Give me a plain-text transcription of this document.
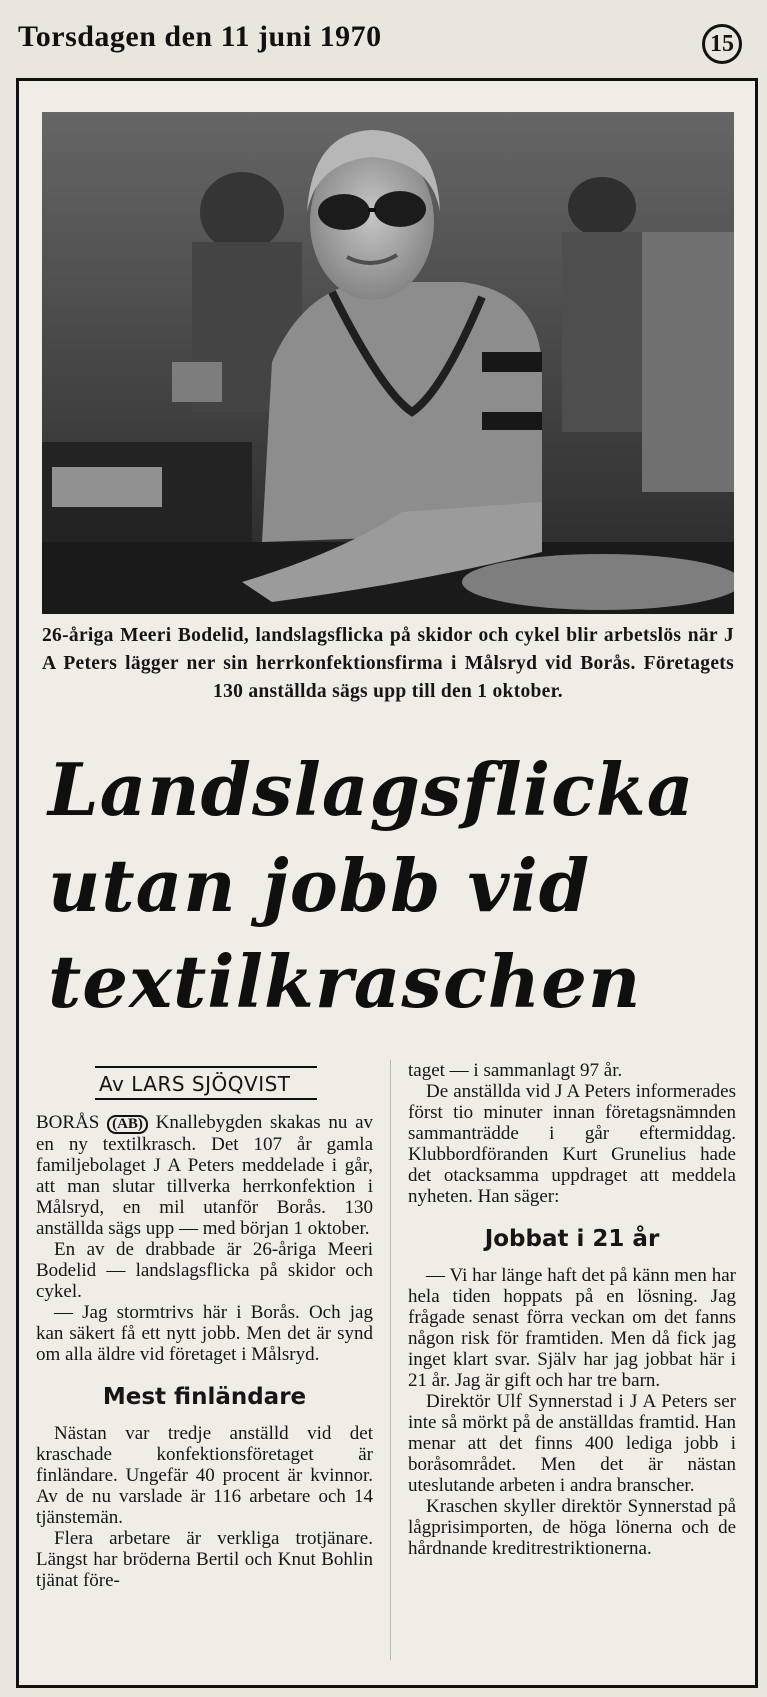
Torsdagen den 11 juni 1970	15
26-åriga Meeri Bodelid, landslagsflicka på skidor och cykel blir arbetslös när J A Peters lägger ner sin herrkonfektionsfirma i Målsryd vid Borås. Företagets 130 anställda sägs upp till den 1 oktober.
Landslagsflicka
utan jobb vid
textilkraschen
Av LARS SJÖQVIST

BORÅS (AB) Knallebygden skakas nu av en ny textilkrasch. Det 107 år gamla familjebolaget J A Peters meddelade i går, att man slutar tillverka herrkonfektion i Målsryd, en mil utanför Borås. 130 anställda sägs upp — med början 1 oktober.

En av de drabbade är 26-åriga Meeri Bodelid — landslagsflicka på skidor och cykel.

— Jag stormtrivs här i Borås. Och jag kan säkert få ett nytt jobb. Men det är synd om alla äldre vid företaget i Målsryd.

Mest finländare

Nästan var tredje anställd vid det kraschade konfektionsföretaget är finländare. Ungefär 40 procent är kvinnor. Av de nu varslade är 116 arbetare och 14 tjänstemän.

Flera arbetare är verkliga trotjänare. Längst har bröderna Bertil och Knut Bohlin tjänat före-

taget — i sammanlagt 97 år.

De anställda vid J A Peters informerades först tio minuter innan företagsnämnden sammanträdde i går eftermiddag. Klubbordföranden Kurt Grunelius hade det otacksamma uppdraget att meddela nyheten. Han säger:

Jobbat i 21 år

— Vi har länge haft det på känn men har hela tiden hoppats på en lösning. Jag frågade senast förra veckan om det fanns någon risk för framtiden. Men då fick jag inget klart svar. Själv har jag jobbat här i 21 år. Jag är gift och har tre barn.

Direktör Ulf Synnerstad i J A Peters ser inte så mörkt på de anställdas framtid. Han menar att det finns 400 lediga jobb i boråsområdet. Men det är nästan uteslutande arbeten i andra branscher.

Kraschen skyller direktör Synnerstad på lågprisimporten, de höga lönerna och de hårdnande kreditrestriktionerna.
